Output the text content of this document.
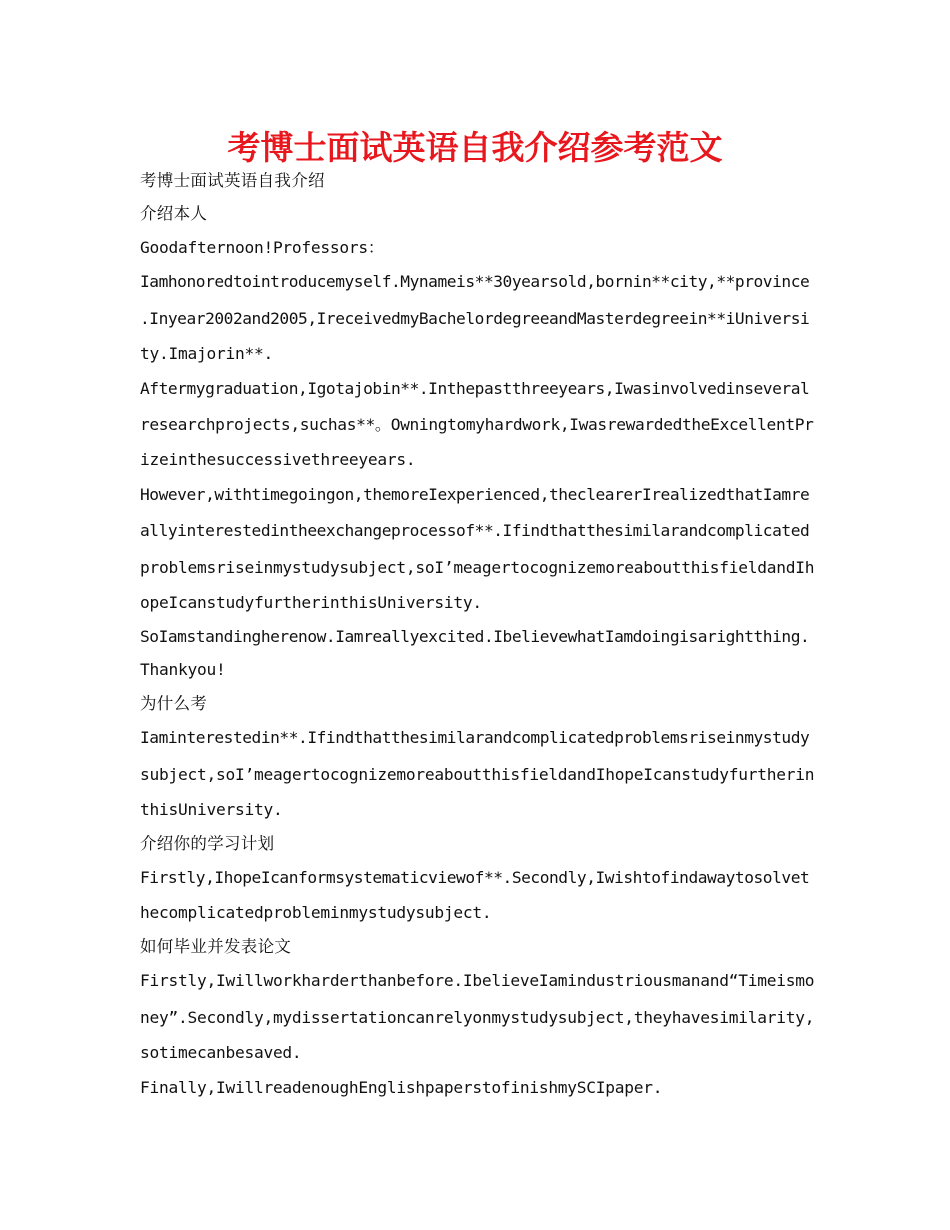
考博士面试英语自我介绍参考范文
考博士面试英语自我介绍
介绍本人
Goodafternoon!Professors：
Iamhonoredtointroducemyself.Mynameis**30yearsold,bornin**city,**province
.Inyear2002and2005,IreceivedmyBachelordegreeandMasterdegreein**iUniversi
ty.Imajorin**.
Aftermygraduation,Igotajobin**.Inthepastthreeyears,Iwasinvolvedinseveral
researchprojects,suchas**。Owningtomyhardwork,IwasrewardedtheExcellentPr
izeinthesuccessivethreeyears.
However,withtimegoingon,themoreIexperienced,theclearerIrealizedthatIamre
allyinterestedintheexchangeprocessof**.Ifindthatthesimilarandcomplicated
problemsriseinmystudysubject,soI’meagertocognizemoreaboutthisfieldandIh
opeIcanstudyfurtherinthisUniversity.
SoIamstandinghere​now.Iamreallyexcited.IbelievewhatIamdoingisarightthing.
Thankyou!
为什么考
Iaminterestedin**.Ifindthatthesimilarandcomplicatedproblemsriseinmystudy
subject,soI’meagertocognizemoreaboutthisfieldandIhopeIcanstudyfurtherin
thisUniversity.
介绍你的学习计划
Firstly,IhopeIcanformsystematicviewof**.Secondly,Iwishtofindawaytosolvet
hecomplicatedprobleminmystudysubject.
如何毕业并发表论文
Firstly,Iwillworkharderthanbefore.IbelieveIamindustriousmanand“Timeismo
ney”.Secondly,mydissertationcanrelyonmystudysubject,theyhavesimilarity,
sotimecanbesaved.
Finally,IwillreadenoughEnglishpaperstofinishmySCIpaper.
